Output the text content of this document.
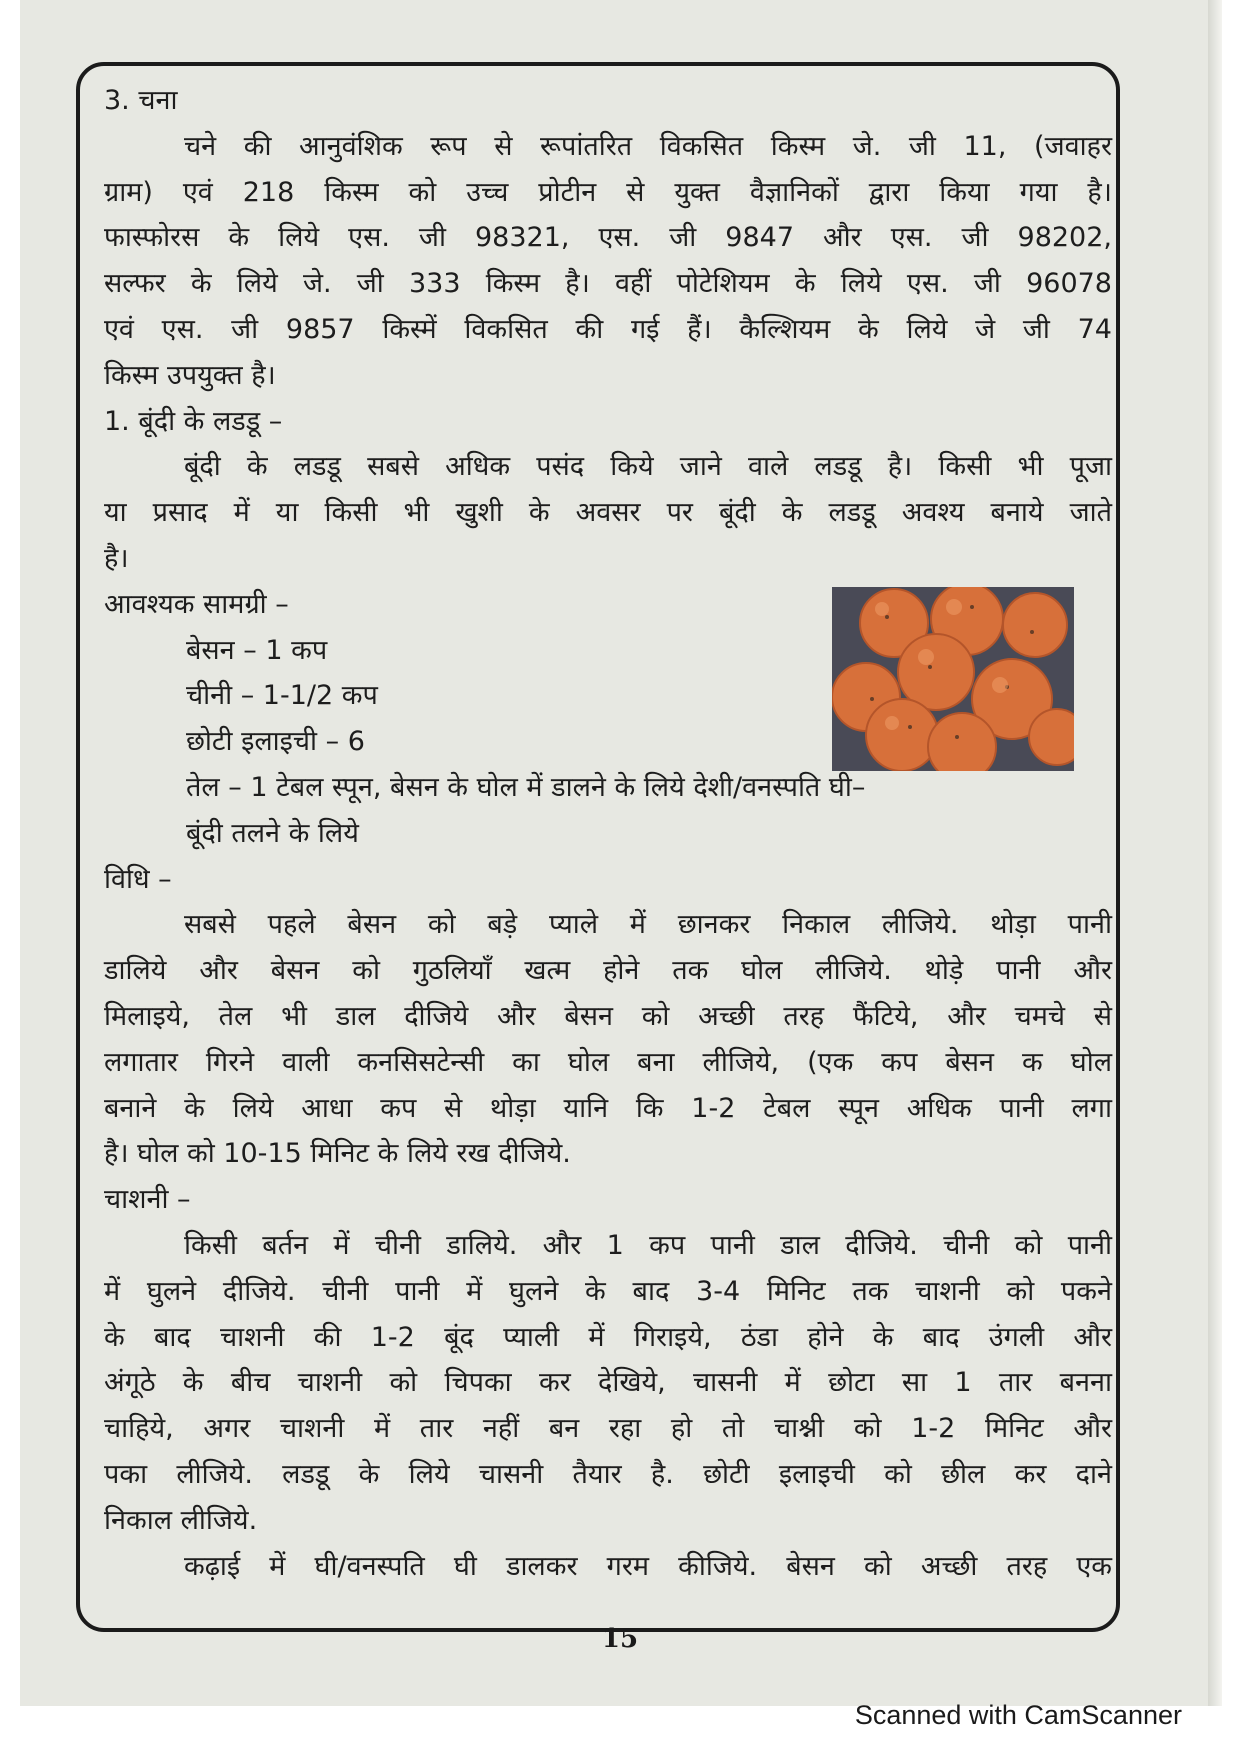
3. चना
चने की आनुवंशिक रूप से रूपांतरित विकसित किस्म जे. जी 11, (जवाहर
ग्राम) एवं 218 किस्म को उच्च प्रोटीन से युक्त वैज्ञानिकों द्वारा किया गया है।
फास्फोरस के लिये एस. जी 98321, एस. जी 9847 और एस. जी 98202,
सल्फर के लिये जे. जी 333 किस्म है। वहीं पोटेशियम के लिये एस. जी 96078
एवं एस. जी 9857 किस्में विकसित की गई हैं। कैल्शियम के लिये जे जी 74
किस्म उपयुक्त है।
1. बूंदी के लडडू –
बूंदी के लडडू सबसे अधिक पसंद किये जाने वाले लडडू है। किसी भी पूजा
या प्रसाद में या किसी भी खुशी के अवसर पर बूंदी के लडडू अवश्य बनाये जाते
है।
आवश्यक सामग्री –
बेसन – 1 कप
चीनी – 1-1/2 कप
छोटी इलाइची – 6
तेल – 1 टेबल स्पून, बेसन के घोल में डालने के लिये देशी/वनस्पति घी–
बूंदी तलने के लिये
विधि –
सबसे पहले बेसन को बड़े प्याले में छानकर निकाल लीजिये. थोड़ा पानी
डालिये और बेसन को गुठलियाँ खत्म होने तक घोल लीजिये. थोड़े पानी और
मिलाइये, तेल भी डाल दीजिये और बेसन को अच्छी तरह फैंटिये, और चमचे से
लगातार गिरने वाली कनसिसटेन्सी का घोल बना लीजिये, (एक कप बेसन क घोल
बनाने के लिये आधा कप से थोड़ा यानि कि 1-2 टेबल स्पून अधिक पानी लगा
है। घोल को 10-15 मिनिट के लिये रख दीजिये.
चाशनी –
किसी बर्तन में चीनी डालिये. और 1 कप पानी डाल दीजिये. चीनी को पानी
में घुलने दीजिये. चीनी पानी में घुलने के बाद 3-4 मिनिट तक चाशनी को पकने
के बाद चाशनी की 1-2 बूंद प्याली में गिराइये, ठंडा होने के बाद उंगली और
अंगूठे के बीच चाशनी को चिपका कर देखिये, चासनी में छोटा सा 1 तार बनना
चाहिये, अगर चाशनी में तार नहीं बन रहा हो तो चाश्नी को 1-2 मिनिट और
पका लीजिये. लडडू के लिये चासनी तैयार है. छोटी इलाइची को छील कर दाने
निकाल लीजिये.
कढ़ाई में घी/वनस्पति घी डालकर गरम कीजिये. बेसन को अच्छी तरह एक
15
Scanned with CamScanner
